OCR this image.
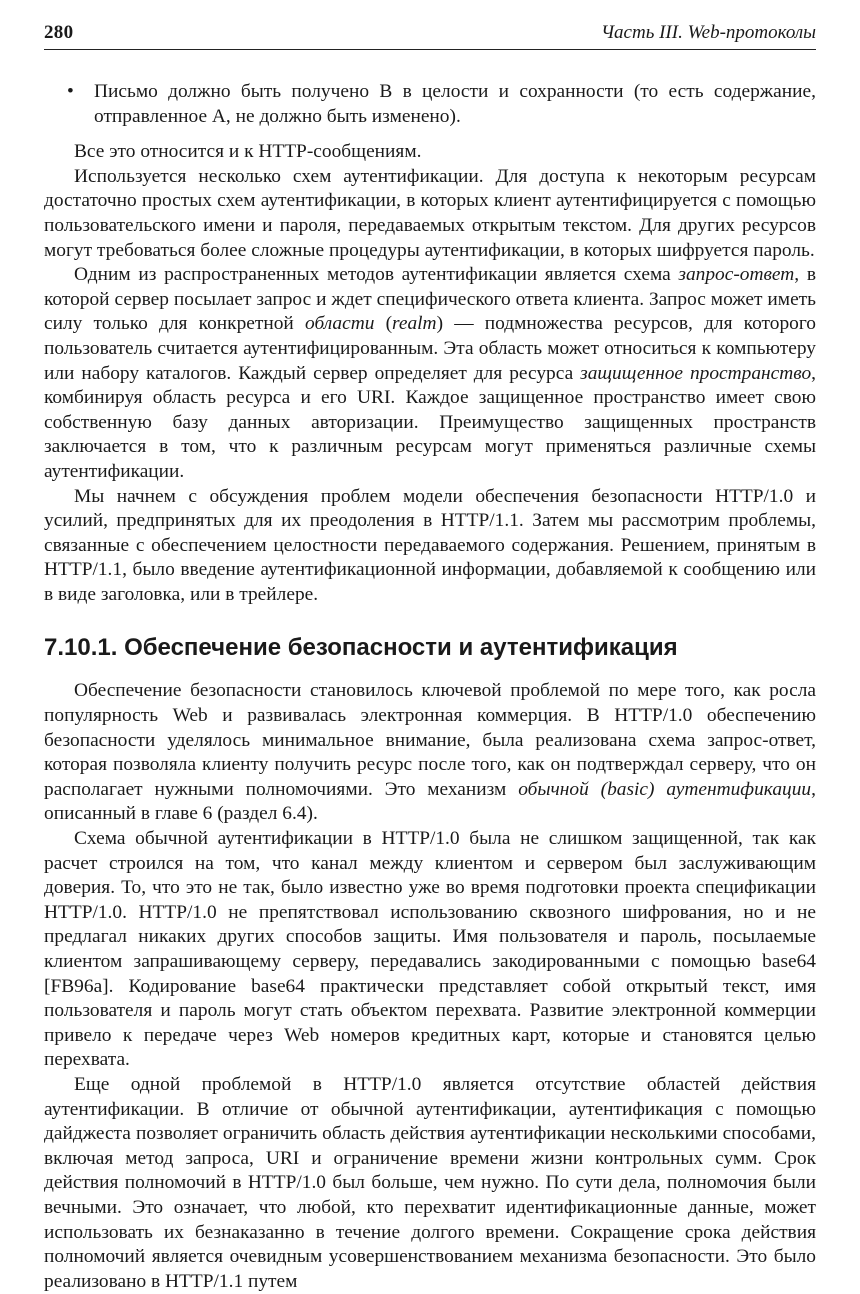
280	Часть III. Web-протоколы
• Письмо должно быть получено В в целости и сохранности (то есть содержание, отправленное А, не должно быть изменено).

Все это относится и к HTTP-сообщениям.

Используется несколько схем аутентификации. Для доступа к некоторым ресурсам достаточно простых схем аутентификации, в которых клиент аутентифицируется с помощью пользовательского имени и пароля, передаваемых открытым текстом. Для других ресурсов могут требоваться более сложные процедуры аутентификации, в которых шифруется пароль.

Одним из распространенных методов аутентификации является схема запрос-ответ, в которой сервер посылает запрос и ждет специфического ответа клиента. Запрос может иметь силу только для конкретной области (realm) — подмножества ресурсов, для которого пользователь считается аутентифицированным. Эта область может относиться к компьютеру или набору каталогов. Каждый сервер определяет для ресурса защищенное пространство, комбинируя область ресурса и его URI. Каждое защищенное пространство имеет свою собственную базу данных авторизации. Преимущество защищенных пространств заключается в том, что к различным ресурсам могут применяться различные схемы аутентификации.

Мы начнем с обсуждения проблем модели обеспечения безопасности HTTP/1.0 и усилий, предпринятых для их преодоления в HTTP/1.1. Затем мы рассмотрим проблемы, связанные с обеспечением целостности передаваемого содержания. Решением, принятым в HTTP/1.1, было введение аутентификационной информации, добавляемой к сообщению или в виде заголовка, или в трейлере.

7.10.1. Обеспечение безопасности и аутентификация

Обеспечение безопасности становилось ключевой проблемой по мере того, как росла популярность Web и развивалась электронная коммерция. В HTTP/1.0 обеспечению безопасности уделялось минимальное внимание, была реализована схема запрос-ответ, которая позволяла клиенту получить ресурс после того, как он подтверждал серверу, что он располагает нужными полномочиями. Это механизм обычной (basic) аутентификации, описанный в главе 6 (раздел 6.4).

Схема обычной аутентификации в HTTP/1.0 была не слишком защищенной, так как расчет строился на том, что канал между клиентом и сервером был заслуживающим доверия. То, что это не так, было известно уже во время подготовки проекта спецификации HTTP/1.0. HTTP/1.0 не препятствовал использованию сквозного шифрования, но и не предлагал никаких других способов защиты. Имя пользователя и пароль, посылаемые клиентом запрашивающему серверу, передавались закодированными с помощью base64 [FB96a]. Кодирование base64 практически представляет собой открытый текст, имя пользователя и пароль могут стать объектом перехвата. Развитие электронной коммерции привело к передаче через Web номеров кредитных карт, которые и становятся целью перехвата.

Еще одной проблемой в HTTP/1.0 является отсутствие областей действия аутентификации. В отличие от обычной аутентификации, аутентификация с помощью дайджеста позволяет ограничить область действия аутентификации несколькими способами, включая метод запроса, URI и ограничение времени жизни контрольных сумм. Срок действия полномочий в HTTP/1.0 был больше, чем нужно. По сути дела, полномочия были вечными. Это означает, что любой, кто перехватит идентификационные данные, может использовать их безнаказанно в течение долгого времени. Сокращение срока действия полномочий является очевидным усовершенствованием механизма безопасности. Это было реализовано в HTTP/1.1 путем
